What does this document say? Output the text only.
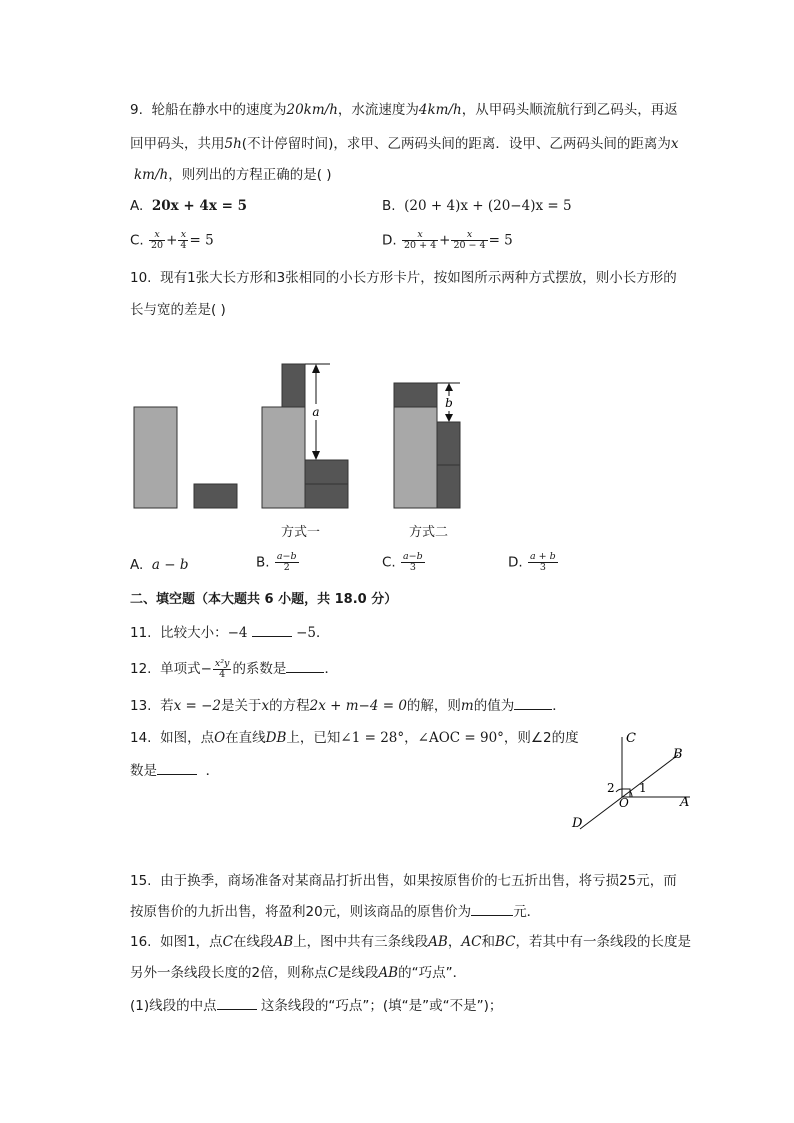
9. 轮船在静水中的速度为20km/h，水流速度为4km/h，从甲码头顺流航行到乙码头，再返
回甲码头，共用5h(不计停留时间)，求甲、乙两码头间的距离．设甲、乙两码头间的距离为x
km/h，则列出的方程正确的是( )
A. 20x + 4x = 5	B. (20 + 4)x + (20−4)x = 5
C. $\frac{x}{20} + \frac{x}{4} = 5$	D. $\frac{x}{20 + 4} + \frac{x}{20 - 4} = 5$
10. 现有1张大长方形和3张相同的小长方形卡片，按如图所示两种方式摆放，则小长方形的
长与宽的差是( )
a
b
方式一	方式二
A. a − b	B. $\frac{a-b}{2}$	C. $\frac{a-b}{3}$	D. $\frac{a + b}{3}$
二、填空题（本大题共 6 小题，共 18.0 分）
11. 比较大小：−4	−5．
12. 单项式− $\frac{\text{x²y}}{4}$ 的系数是	．
13. 若x = −2是关于x的方程2x + m−4 = 0的解，则m的值为	．
14. 如图，点O在直线DB上，已知∠1 = 28°，∠AOC = 90°，则∠2的度
数是	．
C
B
A
O
D
1
2
15. 由于换季，商场准备对某商品打折出售，如果按原售价的七五折出售，将亏损25元，而
按原售价的九折出售，将盈利20元，则该商品的原售价为	元．
16. 如图1，点C在线段AB上，图中共有三条线段AB，AC和BC，若其中有一条线段的长度是
另外一条线段长度的2倍，则称点C是线段AB的“巧点”．
(1)线段的中点	这条线段的“巧点”；(填“是”或“不是”)；
